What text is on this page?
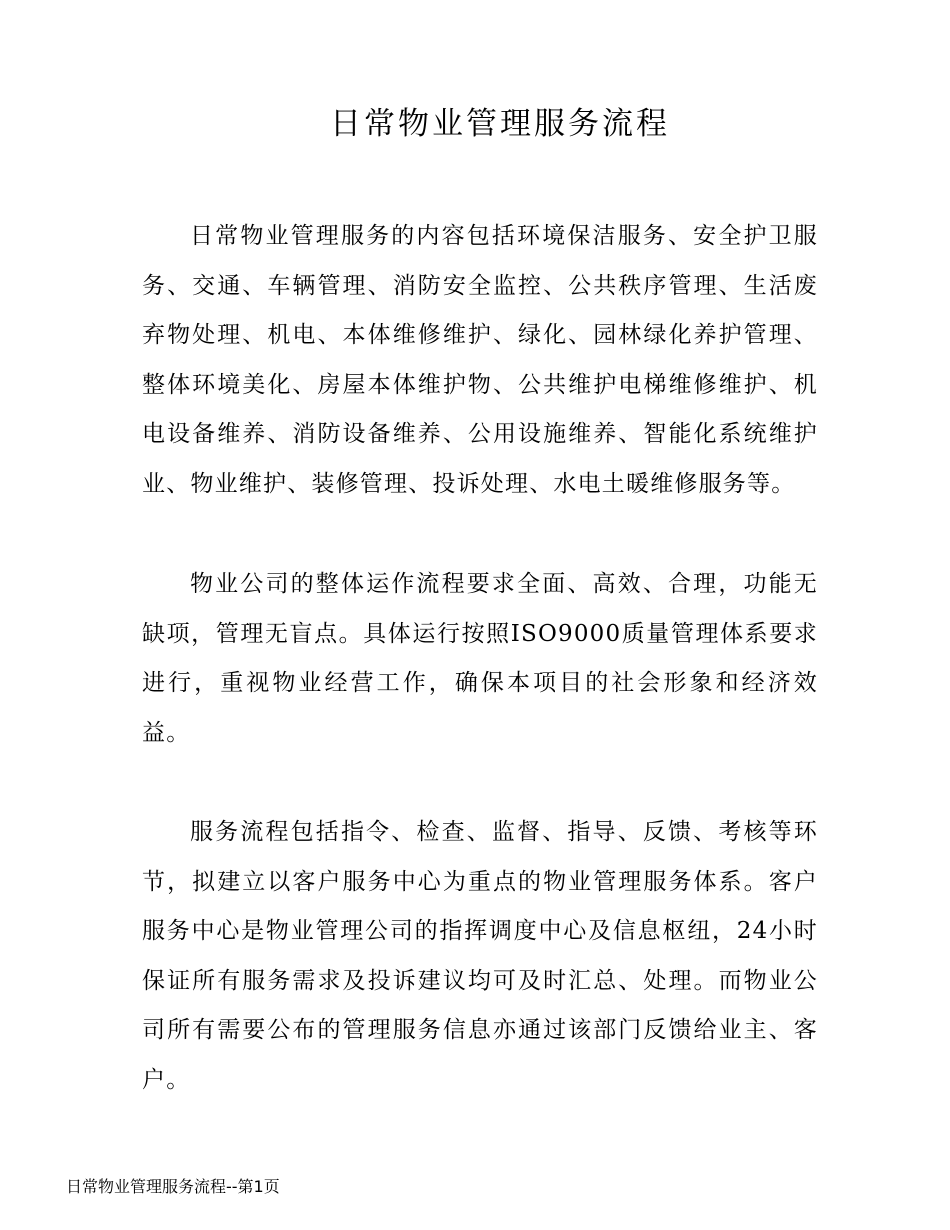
日常物业管理服务流程

日常物业管理服务的内容包括环境保洁服务、安全护卫服务、交通、车辆管理、消防安全监控、公共秩序管理、生活废弃物处理、机电、本体维修维护、绿化、园林绿化养护管理、整体环境美化、房屋本体维护物、公共维护电梯维修维护、机电设备维养、消防设备维养、公用设施维养、智能化系统维护业、物业维护、装修管理、投诉处理、水电土暖维修服务等。

物业公司的整体运作流程要求全面、高效、合理，功能无缺项，管理无盲点。具体运行按照ISO9000质量管理体系要求进行，重视物业经营工作，确保本项目的社会形象和经济效益。

服务流程包括指令、检查、监督、指导、反馈、考核等环节，拟建立以客户服务中心为重点的物业管理服务体系。客户服务中心是物业管理公司的指挥调度中心及信息枢纽，24小时保证所有服务需求及投诉建议均可及时汇总、处理。而物业公司所有需要公布的管理服务信息亦通过该部门反馈给业主、客户。

日常物业管理服务流程--第1页
